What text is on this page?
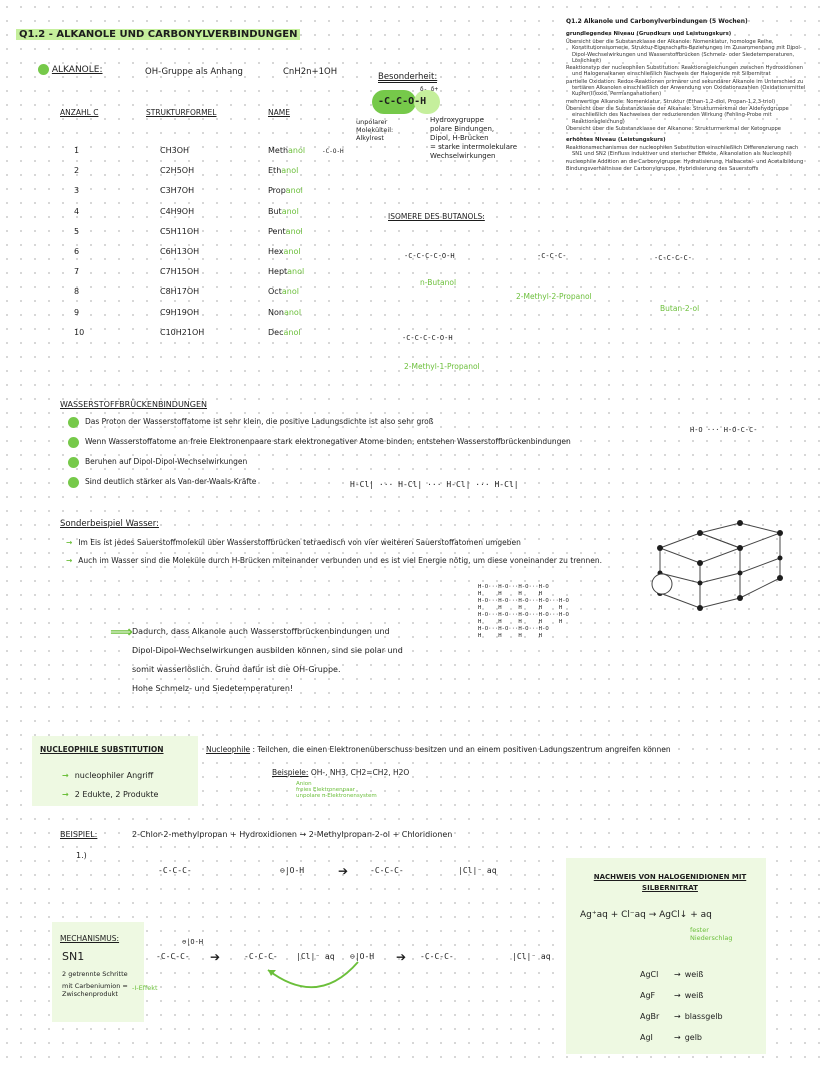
Q1.2 - ALKANOLE UND CARBONYLVERBINDUNGEN
Q1.2 Alkanole und Carbonylverbindungen (5 Wochen)
grundlegendes Niveau (Grundkurs und Leistungskurs)
Übersicht über die Substanzklasse der Alkanole: Nomenklatur, homologe Reihe, Konstitutionsisomerie, Struktur-Eigenschafts-Beziehungen im Zusammenhang mit Dipol-Dipol-Wechselwirkungen und Wasserstoffbrücken (Schmelz- oder Siedetemperaturen, Löslichkeit)
Reaktionstyp der nucleophilen Substitution: Reaktionsgleichungen zwischen Hydroxidionen und Halogenalkanen einschließlich Nachweis der Halogenide mit Silbernitrat
partielle Oxidation: Redox-Reaktionen primärer und sekundärer Alkanole im Unterschied zu tertiären Alkanolen einschließlich der Anwendung von Oxidationszahlen (Oxidationsmittel Kupfer(II)oxid, Permanganationen)
mehrwertige Alkanole: Nomenklatur, Struktur (Ethan-1,2-diol, Propan-1,2,3-triol)
Übersicht über die Substanzklasse der Alkanale: Strukturmerkmal der Aldehydgruppe einschließlich des Nachweises der reduzierenden Wirkung (Fehling-Probe mit Reaktionsgleichung)
Übersicht über die Substanzklasse der Alkanone: Strukturmerkmal der Ketogruppe
erhöhtes Niveau (Leistungskurs)
Reaktionsmechanismus der nucleophilen Substitution einschließlich Differenzierung nach SN1 und SN2 (Einfluss induktiver und sterischer Effekte, Alkanolation als Nucleophil)
nucleophile Addition an die Carbonylgruppe: Hydratisierung, Halbacetal- und Acetalbildung
Bindungsverhältnisse der Carbonylgruppe, Hybridisierung des Sauerstoffs
ALKANOLE:	OH-Gruppe als Anhang	CnH2n+1OH
ANZAHL C	STRUKTURFORMEL	NAME
1	CH3OH	Methanol
2	C2H5OH	Ethanol
3	C3H7OH	Propanol
4	C4H9OH	Butanol
5	C5H11OH	Pentanol
6	C6H13OH	Hexanol
7	C7H15OH	Heptanol
8	C8H17OH	Octanol
9	C9H19OH	Nonanol
10	C10H21OH	Decanol
-C-O-H
Besonderheit:
-C-C-O-H
δ- δ+
unpolarer Molekülteil: Alkylrest
Hydroxygruppe
polare Bindungen,
Dipol, H-Brücken
= starke intermolekulare
Wechselwirkungen
ISOMERE DES BUTANOLS:
-C-C-C-C-O-H
n-Butanol
-C-C-C-
2-Methyl-2-Propanol
-C-C-C-C-
Butan-2-ol
-C-C-C-C-O-H
2-Methyl-1-Propanol
WASSERSTOFFBRÜCKENBINDUNGEN
Das Proton der Wasserstoffatome ist sehr klein, die positive Ladungsdichte ist also sehr groß
Wenn Wasserstoffatome an freie Elektronenpaare stark elektronegativer Atome binden, entstehen Wasserstoffbrückenbindungen
Beruhen auf Dipol-Dipol-Wechselwirkungen
Sind deutlich stärker als Van-der-Waals-Kräfte	H-Cl| ··· H-Cl| ··· H-Cl| ··· H-Cl|
H-O ··· H-O-C-C-
Sonderbeispiel Wasser:
→ Im Eis ist jedes Sauerstoffmolekül über Wasserstoffbrücken tetraedisch von vier weiteren Sauerstoffatomen umgeben
→ Auch im Wasser sind die Moleküle durch H-Brücken miteinander verbunden und es ist viel Energie nötig, um diese voneinander zu trennen.
⟹ Dadurch, dass Alkanole auch Wasserstoffbrückenbindungen und
Dipol-Dipol-Wechselwirkungen ausbilden können, sind sie polar und
somit wasserlöslich. Grund dafür ist die OH-Gruppe.
Hohe Schmelz- und Siedetemperaturen!
H-O···H-O···H-O···H-O
H     H     H     H
H-O···H-O···H-O···H-O···H-O
H     H     H     H     H
H-O···H-O···H-O···H-O···H-O
H     H     H     H     H
H-O···H-O···H-O···H-O
H     H     H     H
NUCLEOPHILE SUBSTITUTION
→ nucleophiler Angriff
→ 2 Edukte, 2 Produkte
Nucleophile : Teilchen, die einen Elektronenüberschuss besitzen und an einem positiven Ladungszentrum angreifen können
Beispiele: OH-, NH3, CH2=CH2, H2O
Anion
freies Elektronenpaar
unpolare π-Elektronensystem
BEISPIEL:	2-Chlor-2-methylpropan + Hydroxidionen → 2-Methylpropan-2-ol + Chloridionen
1.)
-C-C-C-	⊖|O-H	➔	-C-C-C-	|Cl|⁻ aq
MECHANISMUS:
SN1
2 getrennte Schritte
mit Carbeniumion = Zwischenprodukt
-C-C-C-
⊖|O-H
-I-Effekt
➔	-C-C-C- |Cl|⁻ aq ⊖|O-H ➔ -C-C-C-	|Cl|⁻ aq
NACHWEIS VON HALOGENIDIONEN MIT SILBERNITRAT
Ag⁺aq + Cl⁻aq → AgCl↓ + aq
fester Niederschlag
AgCl → weiß
AgF → weiß
AgBr → blassgelb
AgI	→ gelb
